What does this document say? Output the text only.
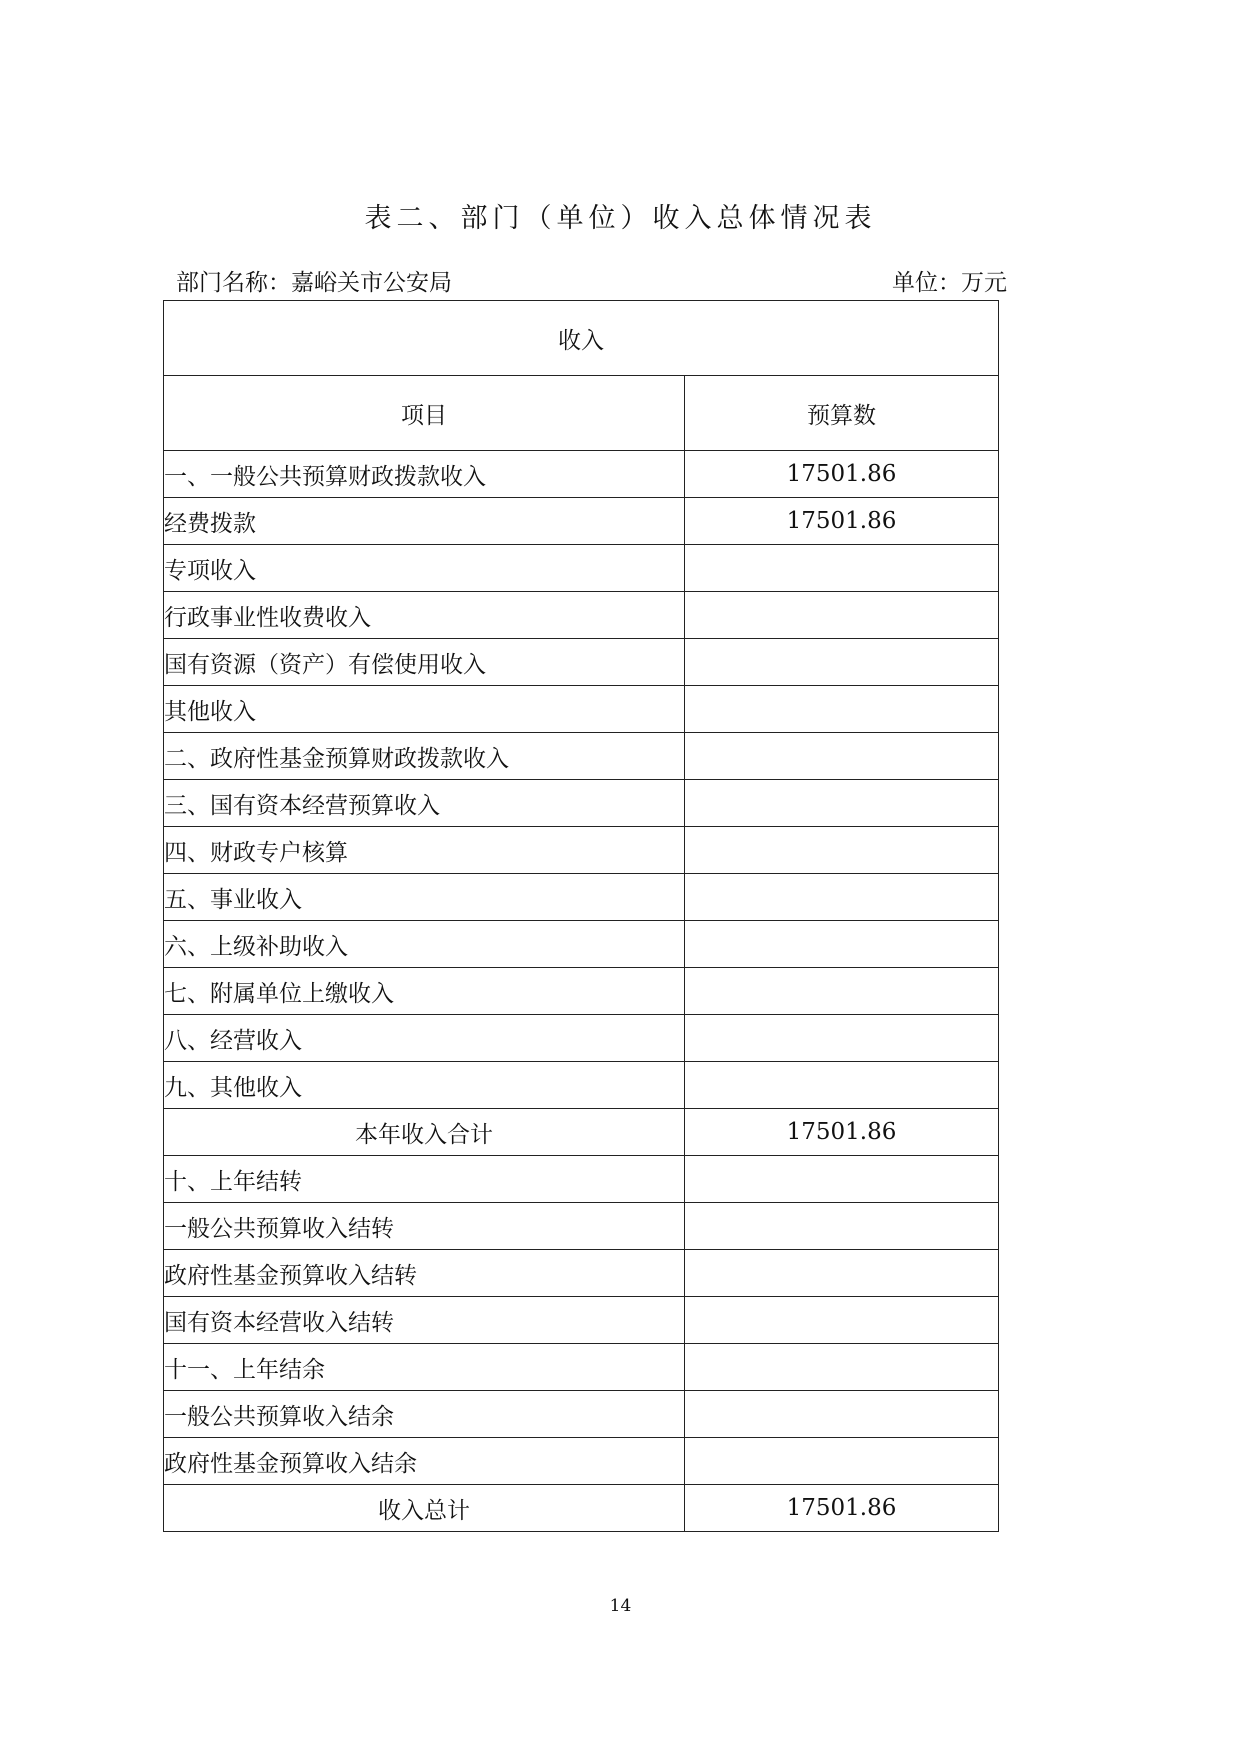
表二、部门（单位）收入总体情况表
部门名称：嘉峪关市公安局	单位：万元
收入	
项目	预算数
一、一般公共预算财政拨款收入	17501.86
经费拨款	17501.86
专项收入	
行政事业性收费收入	
国有资源（资产）有偿使用收入	
其他收入	
二、政府性基金预算财政拨款收入	
三、国有资本经营预算收入	
四、财政专户核算	
五、事业收入	
六、上级补助收入	
七、附属单位上缴收入	
八、经营收入	
九、其他收入	
本年收入合计	17501.86
十、上年结转	
一般公共预算收入结转	
政府性基金预算收入结转	
国有资本经营收入结转	
十一、上年结余	
一般公共预算收入结余	
政府性基金预算收入结余	
收入总计	17501.86
14
